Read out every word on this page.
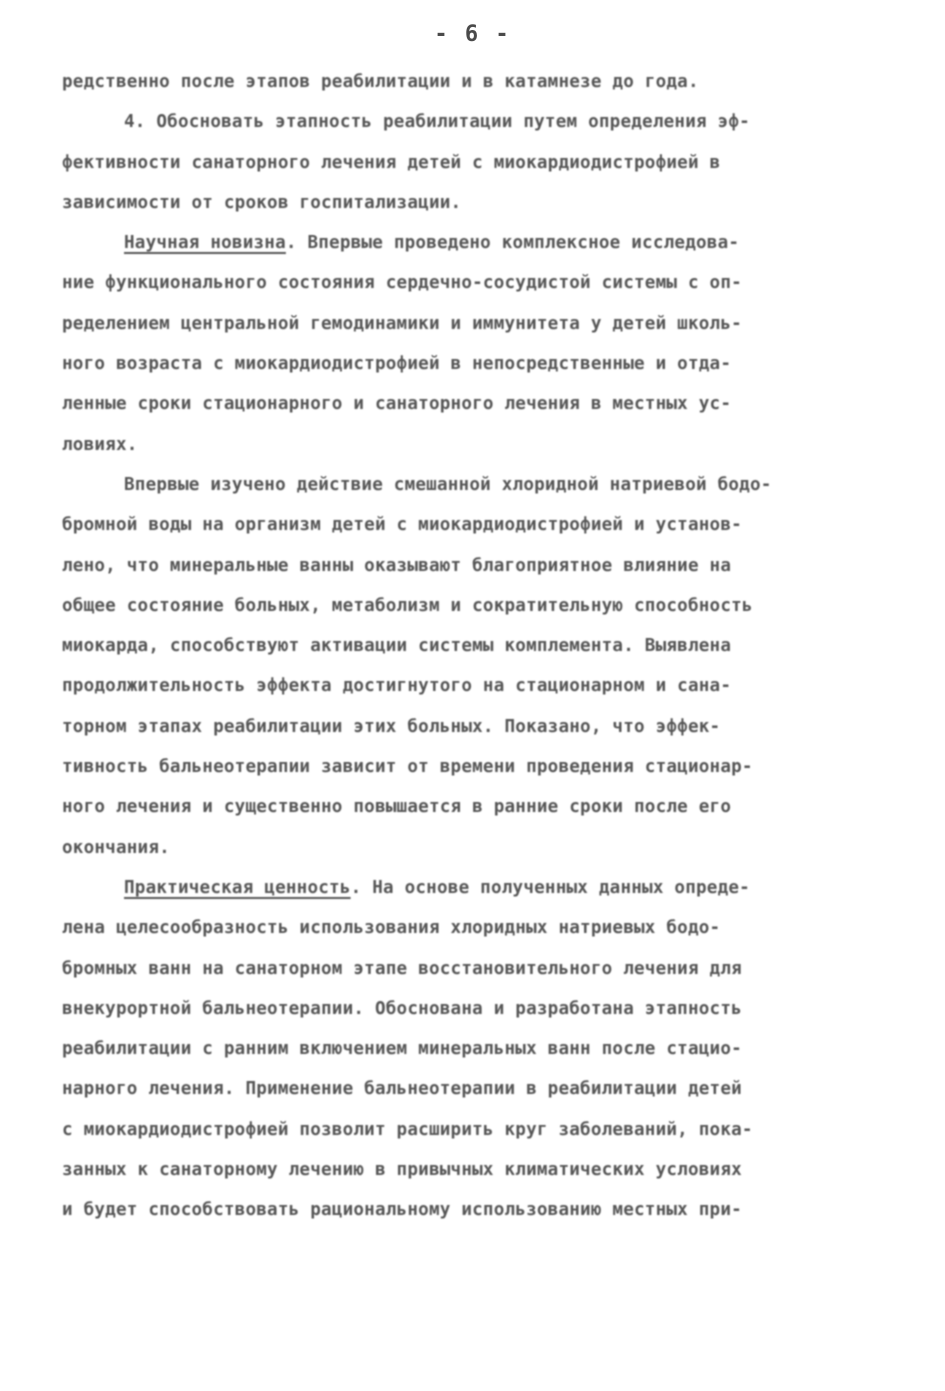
- 6 -
редственно после этапов реабилитации и в катамнезе до года.
4. Обосновать этапность реабилитации путем определения эф-
фективности санаторного лечения детей с миокардиодистрофией в
зависимости от сроков госпитализации.
Научная новизна. Впервые проведено комплексное исследова-
ние функционального состояния сердечно-сосудистой системы с оп-
ределением центральной гемодинамики и иммунитета у детей школь-
ного возраста с миокардиодистрофией в непосредственные и отда-
ленные сроки стационарного и санаторного лечения в местных ус-
ловиях.
Впервые изучено действие смешанной хлоридной натриевой бодо-
бромной воды на организм детей с миокардиодистрофией и установ-
лено, что минеральные ванны оказывают благоприятное влияние на
общее состояние больных, метаболизм и сократительную способность
миокарда, способствуют активации системы комплемента. Выявлена
продолжительность эффекта достигнутого на стационарном и сана-
торном этапах реабилитации этих больных. Показано, что эффек-
тивность бальнеотерапии зависит от времени проведения стационар-
ного лечения и существенно повышается в ранние сроки после его
окончания.
Практическая ценность. На основе полученных данных опреде-
лена целесообразность использования хлоридных натриевых бодо-
бромных ванн на санаторном этапе восстановительного лечения для
внекурортной бальнеотерапии. Обоснована и разработана этапность
реабилитации с ранним включением минеральных ванн после стацио-
нарного лечения. Применение бальнеотерапии в реабилитации детей
с миокардиодистрофией позволит расширить круг заболеваний, пока-
занных к санаторному лечению в привычных климатических условиях
и будет способствовать рациональному использованию местных при-
